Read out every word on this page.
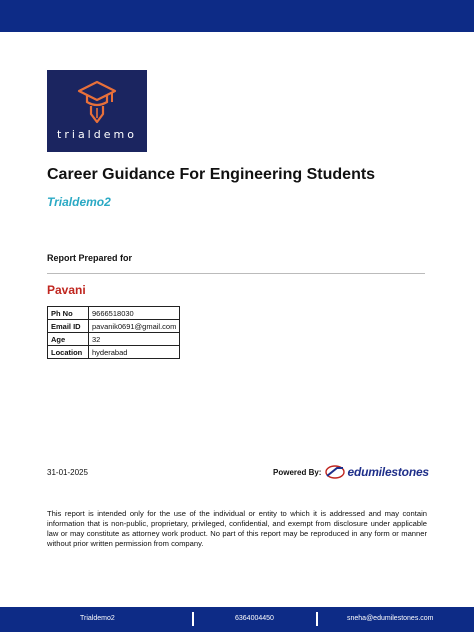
trialdemo
Career Guidance For Engineering Students
Trialdemo2
Report Prepared for
Pavani
Ph No	9666518030
Email ID	pavanik0691@gmail.com
Age	32
Location	hyderabad
31-01-2025	Powered By: edumilestones

This report is intended only for the use of the individual or entity to which it is addressed and may contain information that is non-public, proprietary, privileged, confidential, and exempt from disclosure under applicable law or may constitute as attorney work product. No part of this report may be reproduced in any form or manner without prior written permission from company.

Trialdemo2	6364004450	sneha@edumilestones.com
